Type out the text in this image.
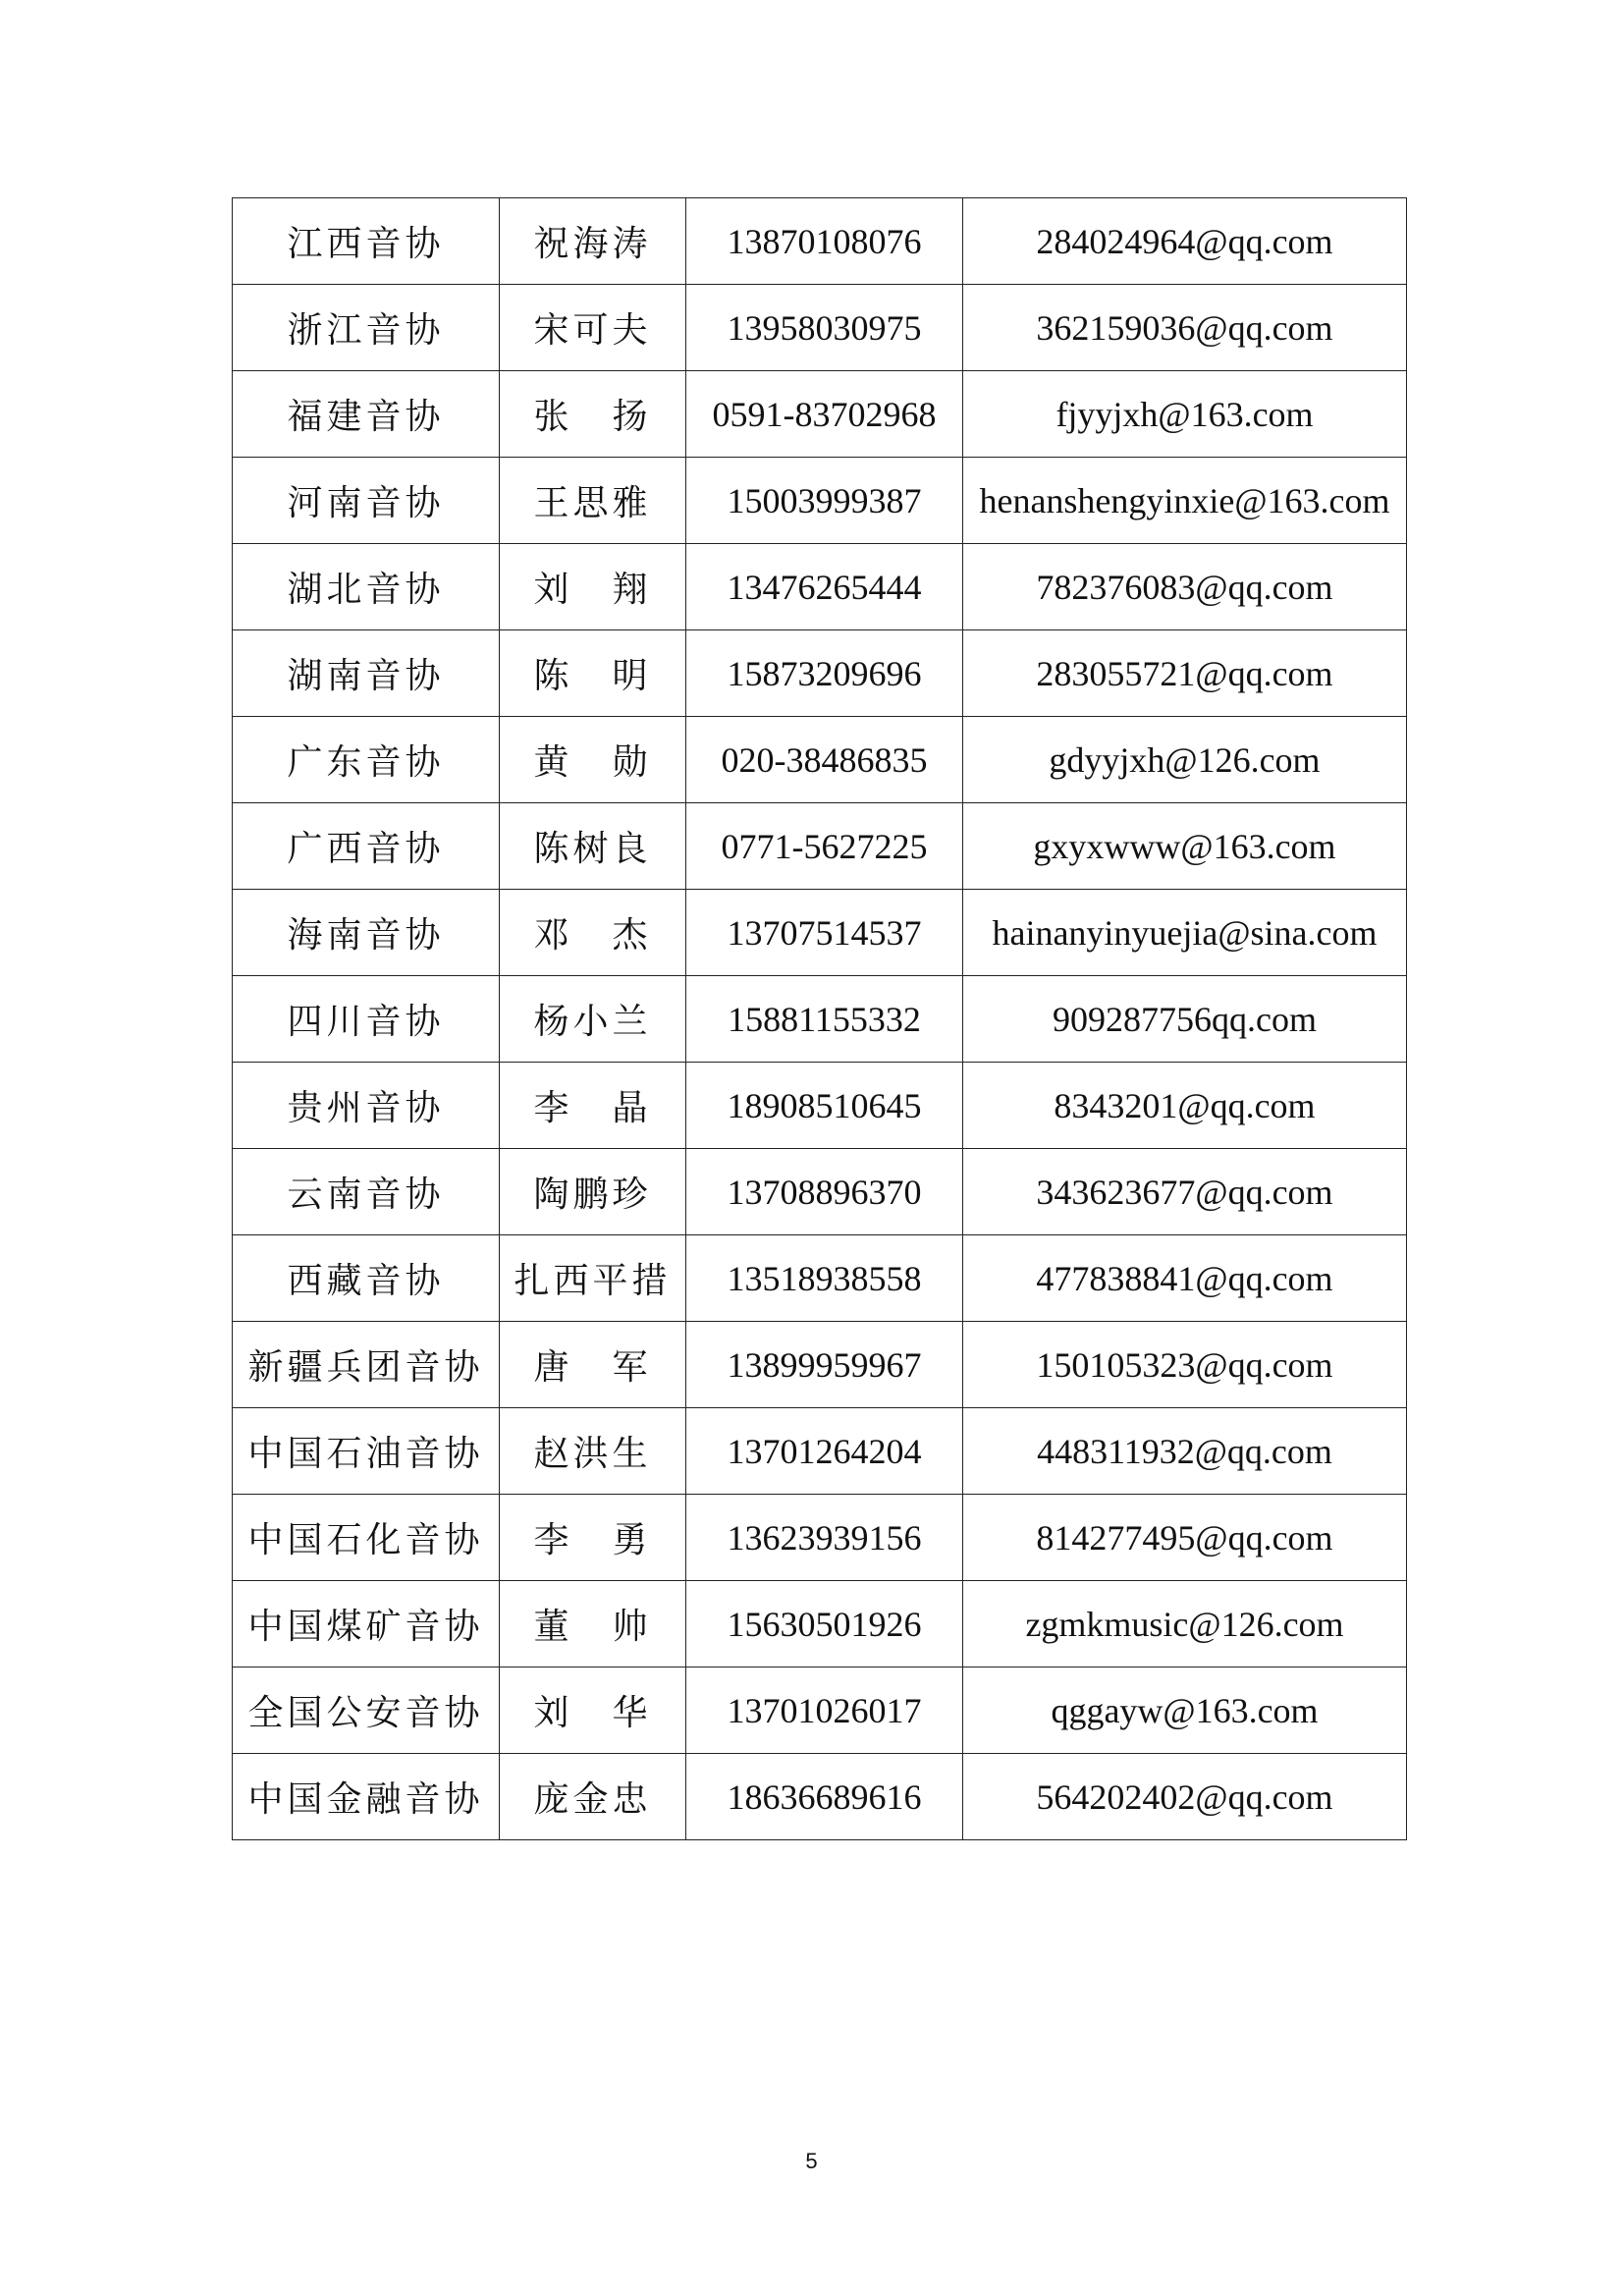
江西音协	祝海涛	13870108076	284024964@qq.com
浙江音协	宋可夫	13958030975	362159036@qq.com
福建音协	张　扬	0591-83702968	fjyyjxh@163.com
河南音协	王思雅	15003999387	henanshengyinxie@163.com
湖北音协	刘　翔	13476265444	782376083@qq.com
湖南音协	陈　明	15873209696	283055721@qq.com
广东音协	黄　勋	020-38486835	gdyyjxh@126.com
广西音协	陈树良	0771-5627225	gxyxwww@163.com
海南音协	邓　杰	13707514537	hainanyinyuejia@sina.com
四川音协	杨小兰	15881155332	909287756qq.com
贵州音协	李　晶	18908510645	8343201@qq.com
云南音协	陶鹏珍	13708896370	343623677@qq.com
西藏音协	扎西平措	13518938558	477838841@qq.com
新疆兵团音协	唐　军	13899959967	150105323@qq.com
中国石油音协	赵洪生	13701264204	448311932@qq.com
中国石化音协	李　勇	13623939156	814277495@qq.com
中国煤矿音协	董　帅	15630501926	zgmkmusic@126.com
全国公安音协	刘　华	13701026017	qggayw@163.com
中国金融音协	庞金忠	18636689616	564202402@qq.com
5
